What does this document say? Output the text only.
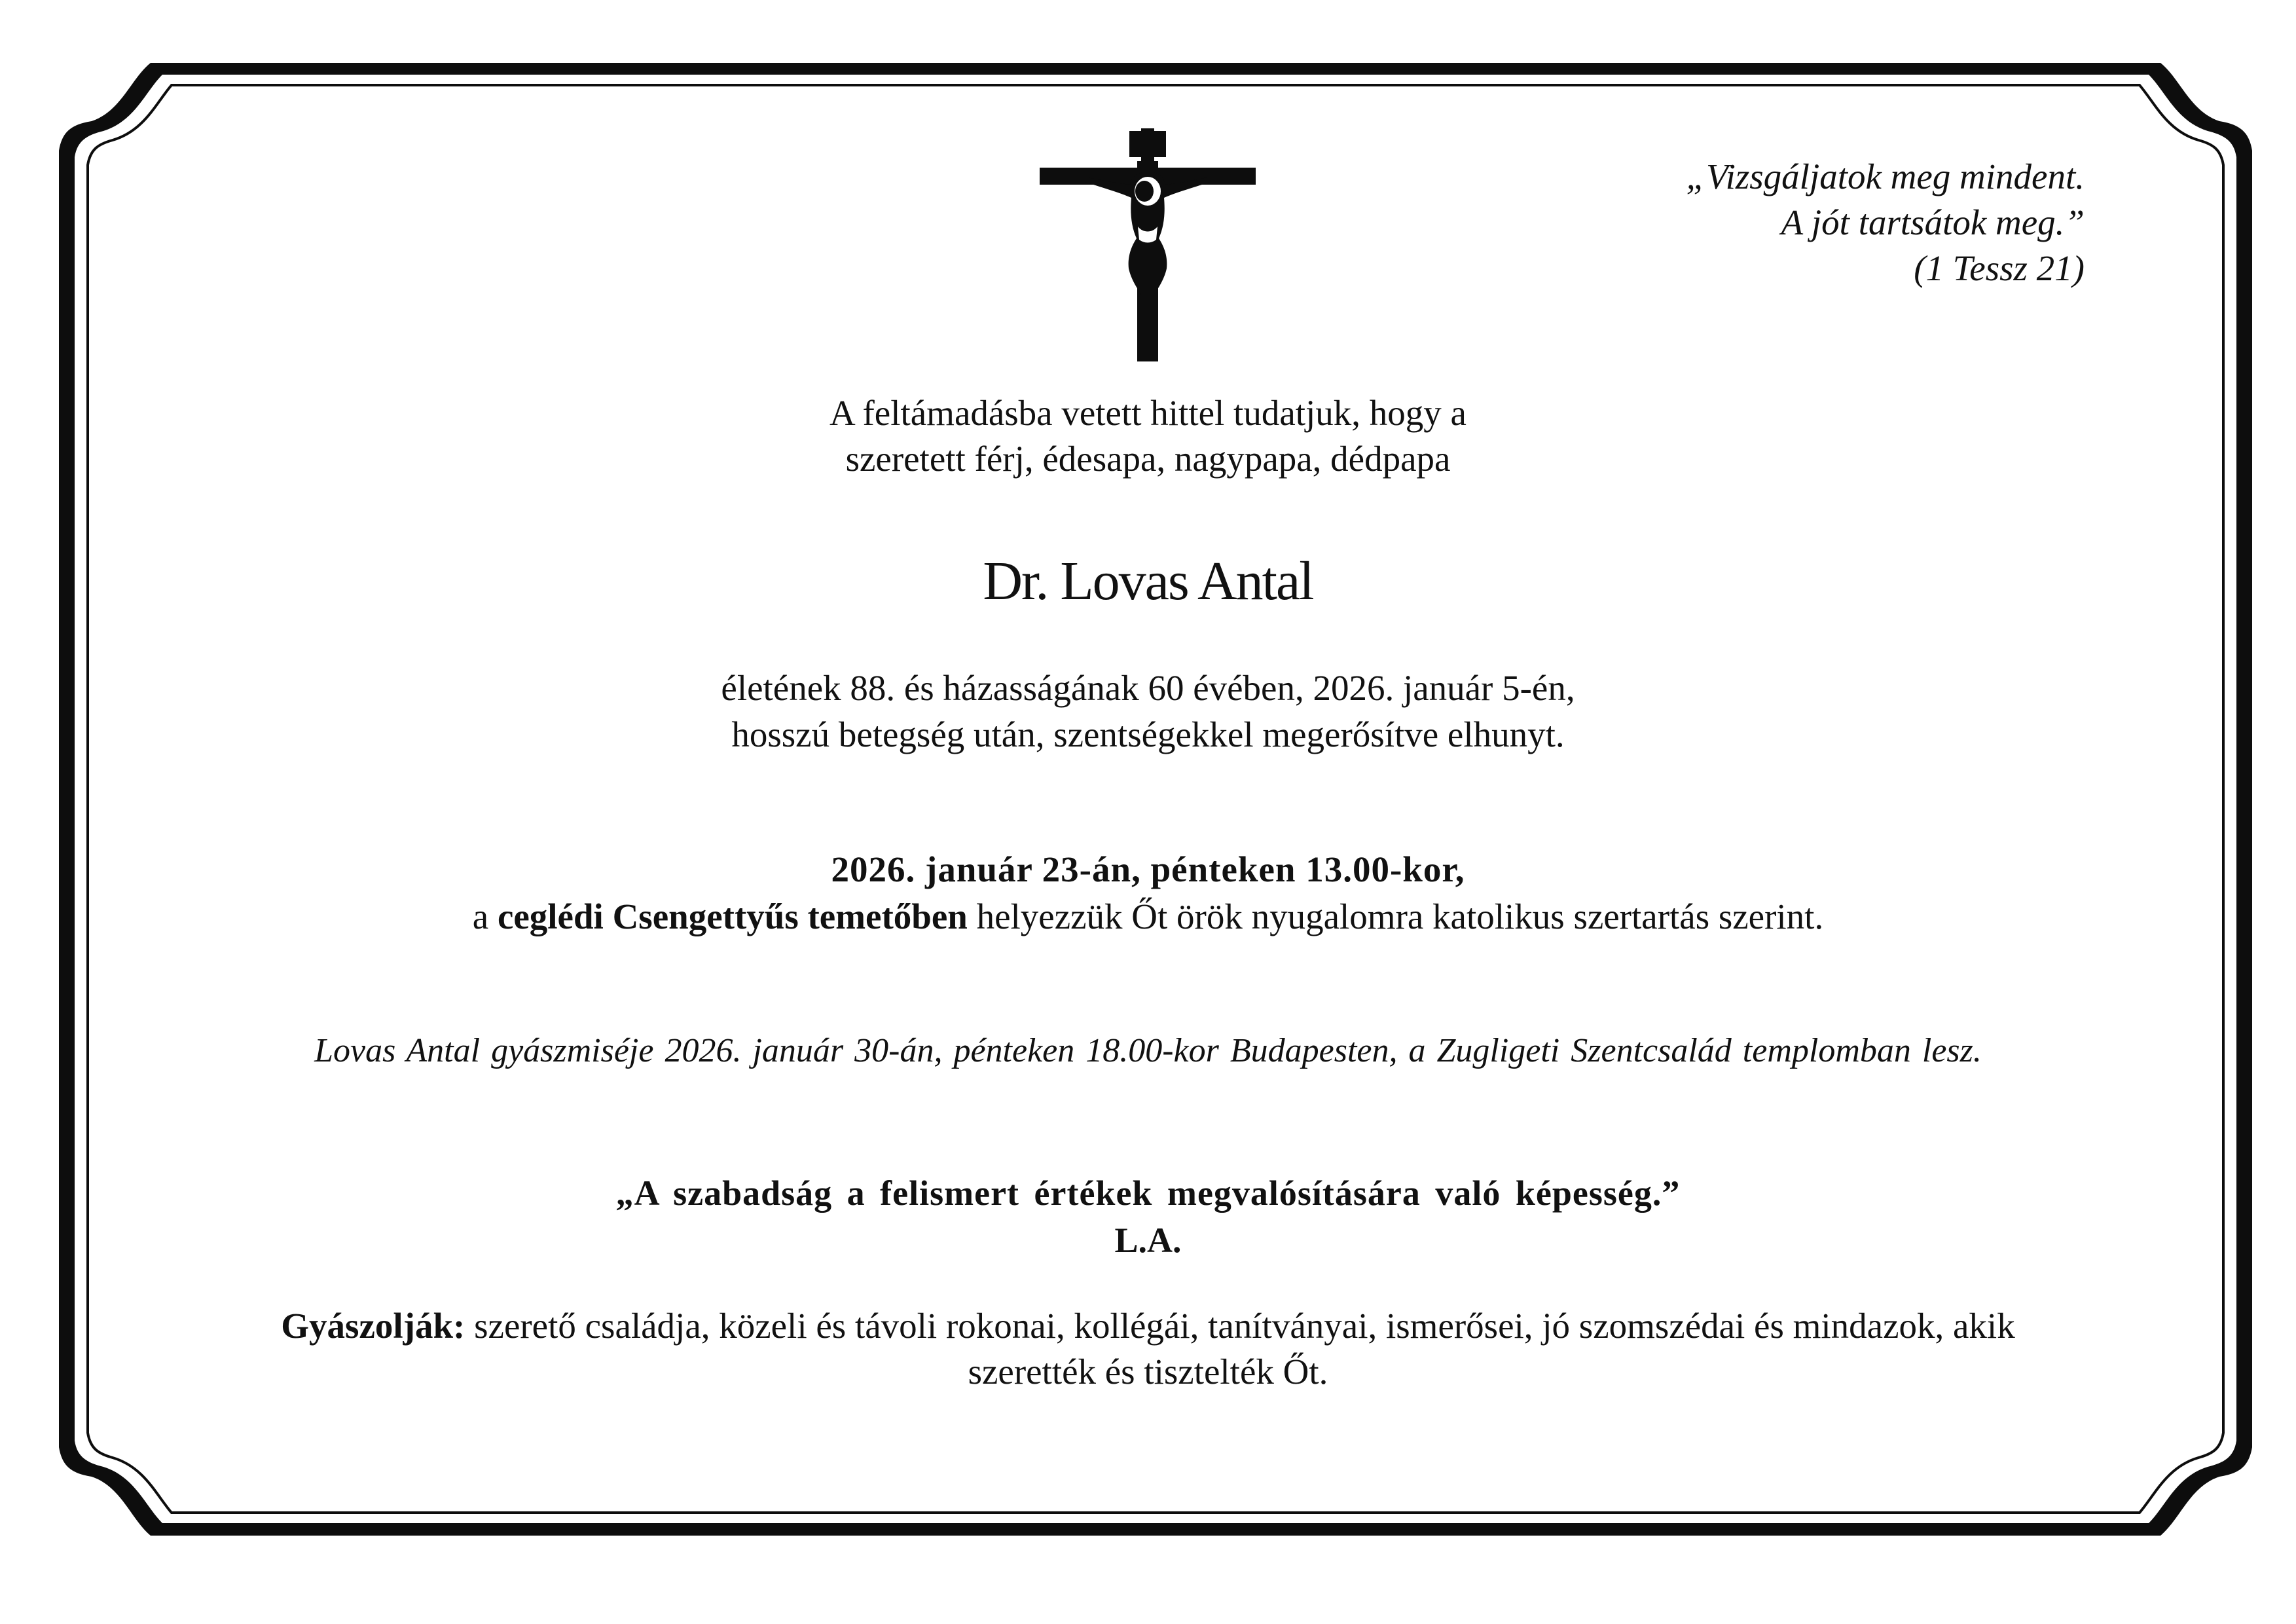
„Vizsgáljatok meg mindent.
A jót tartsátok meg.”
(1 Tessz 21)
A feltámadásba vetett hittel tudatjuk, hogy a
szeretett férj, édesapa, nagypapa, dédpapa
Dr. Lovas Antal
életének 88. és házasságának 60 évében, 2026. január 5-én,
hosszú betegség után, szentségekkel megerősítve elhunyt.
2026. január 23-án, pénteken 13.00-kor,
a ceglédi Csengettyűs temetőben helyezzük Őt örök nyugalomra katolikus szertartás szerint.
Lovas Antal gyászmiséje 2026. január 30-án, pénteken 18.00-kor Budapesten, a Zugligeti Szentcsalád templomban lesz.
„A szabadság a felismert értékek megvalósítására való képesség.”
L.A.
Gyászolják: szerető családja, közeli és távoli rokonai, kollégái, tanítványai, ismerősei, jó szomszédai és mindazok, akik
szerették és tisztelték Őt.
